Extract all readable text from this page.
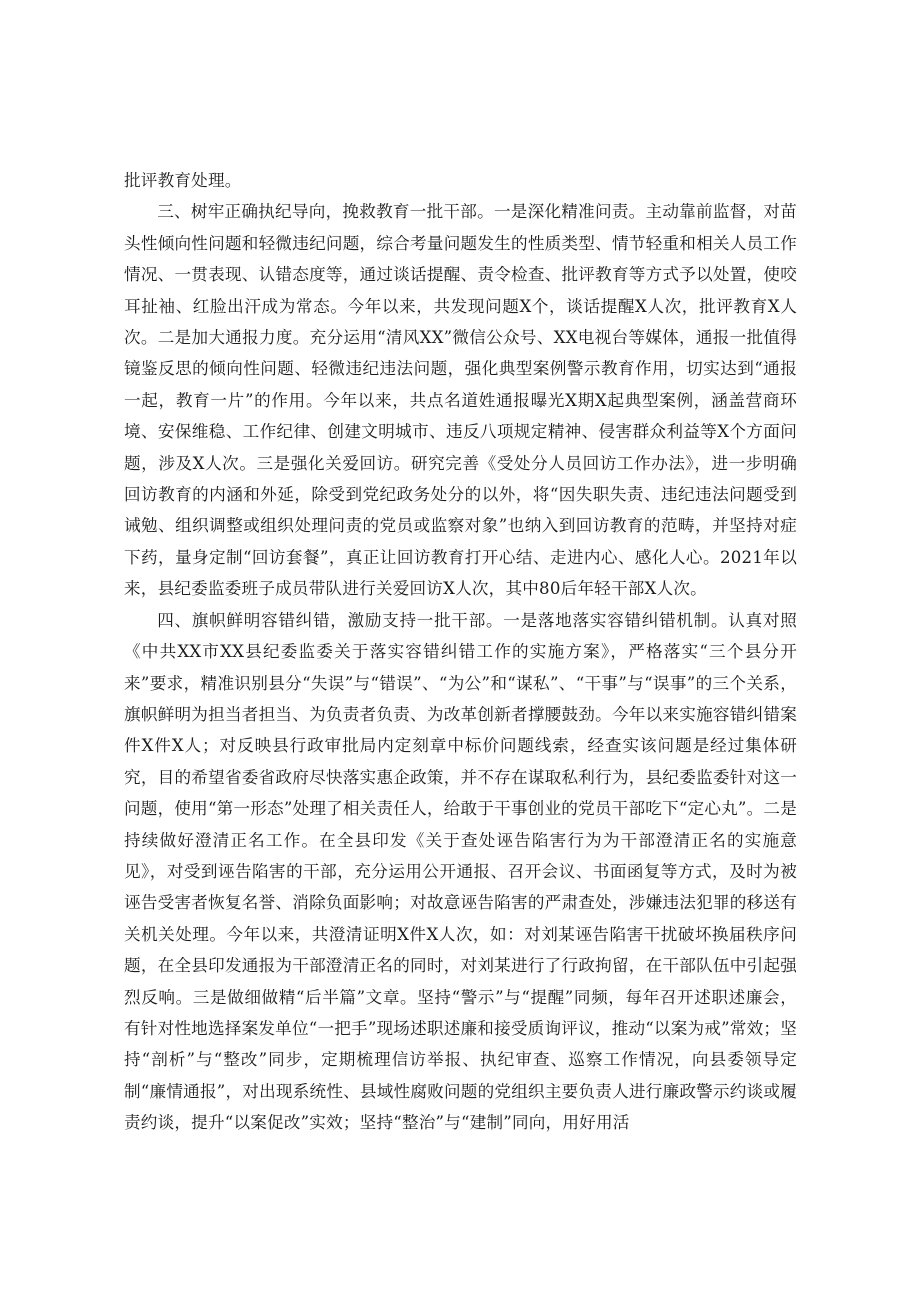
批评教育处理。

三、树牢正确执纪导向，挽救教育一批干部。一是深化精准问责。主动靠前监督，对苗头性倾向性问题和轻微违纪问题，综合考量问题发生的性质类型、情节轻重和相关人员工作情况、一贯表现、认错态度等，通过谈话提醒、责令检查、批评教育等方式予以处置，使咬耳扯袖、红脸出汗成为常态。今年以来，共发现问题X个，谈话提醒X人次，批评教育X人次。二是加大通报力度。充分运用“清风XX”微信公众号、XX电视台等媒体，通报一批值得镜鉴反思的倾向性问题、轻微违纪违法问题，强化典型案例警示教育作用，切实达到“通报一起，教育一片”的作用。今年以来，共点名道姓通报曝光X期X起典型案例，涵盖营商环境、安保维稳、工作纪律、创建文明城市、违反八项规定精神、侵害群众利益等X个方面问题，涉及X人次。三是强化关爱回访。研究完善《受处分人员回访工作办法》，进一步明确回访教育的内涵和外延，除受到党纪政务处分的以外，将“因失职失责、违纪违法问题受到诫勉、组织调整或组织处理问责的党员或监察对象”也纳入到回访教育的范畴，并坚持对症下药，量身定制“回访套餐”，真正让回访教育打开心结、走进内心、感化人心。2021年以来，县纪委监委班子成员带队进行关爱回访X人次，其中80后年轻干部X人次。

四、旗帜鲜明容错纠错，激励支持一批干部。一是落地落实容错纠错机制。认真对照《中共XX市XX县纪委监委关于落实容错纠错工作的实施方案》，严格落实“三个县分开来”要求，精准识别县分“失误”与“错误”、“为公”和“谋私”、“干事”与“误事”的三个关系，旗帜鲜明为担当者担当、为负责者负责、为改革创新者撑腰鼓劲。今年以来实施容错纠错案件X件X人；对反映县行政审批局内定刻章中标价问题线索，经查实该问题是经过集体研究，目的希望省委省政府尽快落实惠企政策，并不存在谋取私利行为，县纪委监委针对这一问题，使用“第一形态”处理了相关责任人，给敢于干事创业的党员干部吃下“定心丸”。二是持续做好澄清正名工作。在全县印发《关于查处诬告陷害行为为干部澄清正名的实施意见》，对受到诬告陷害的干部，充分运用公开通报、召开会议、书面函复等方式，及时为被诬告受害者恢复名誉、消除负面影响；对故意诬告陷害的严肃查处，涉嫌违法犯罪的移送有关机关处理。今年以来，共澄清证明X件X人次，如：对刘某诬告陷害干扰破坏换届秩序问题，在全县印发通报为干部澄清正名的同时，对刘某进行了行政拘留，在干部队伍中引起强烈反响。三是做细做精“后半篇”文章。坚持“警示”与“提醒”同频，每年召开述职述廉会，有针对性地选择案发单位“一把手”现场述职述廉和接受质询评议，推动“以案为戒”常效；坚持“剖析”与“整改”同步，定期梳理信访举报、执纪审查、巡察工作情况，向县委领导定制“廉情通报”，对出现系统性、县域性腐败问题的党组织主要负责人进行廉政警示约谈或履责约谈，提升“以案促改”实效；坚持“整治”与“建制”同向，用好用活
